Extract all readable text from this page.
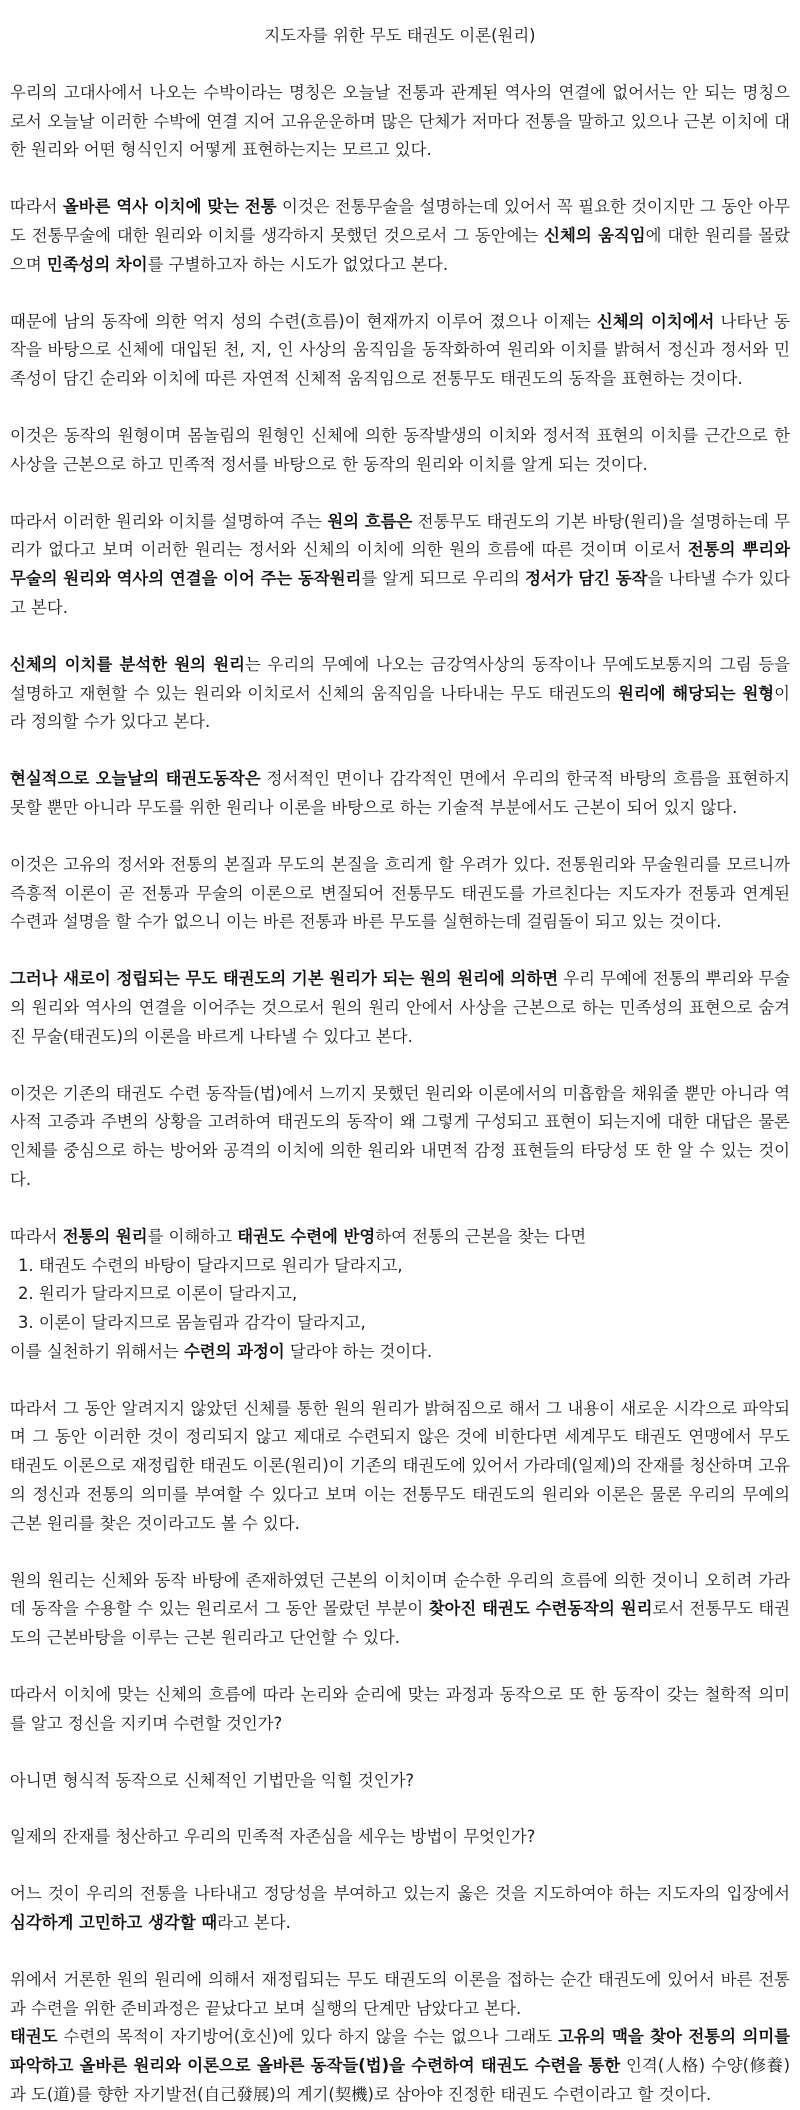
지도자를 위한 무도 태권도 이론(원리)

우리의 고대사에서 나오는 수박이라는 명칭은 오늘날 전통과 관계된 역사의 연결에 없어서는 안 되는 명칭으로서 오늘날 이러한 수박에 연결 지어 고유운운하며 많은 단체가 저마다 전통을 말하고 있으나 근본 이치에 대한 원리와 어떤 형식인지 어떻게 표현하는지는 모르고 있다.

따라서 올바른 역사 이치에 맞는 전통 이것은 전통무술을 설명하는데 있어서 꼭 필요한 것이지만 그 동안 아무도 전통무술에 대한 원리와 이치를 생각하지 못했던 것으로서 그 동안에는 신체의 움직임에 대한 원리를 몰랐으며 민족성의 차이를 구별하고자 하는 시도가 없었다고 본다.

때문에 남의 동작에 의한 억지 성의 수련(흐름)이 현재까지 이루어 졌으나 이제는 신체의 이치에서 나타난 동작을 바탕으로 신체에 대입된 천, 지, 인 사상의 움직임을 동작화하여 원리와 이치를 밝혀서 정신과 정서와 민족성이 담긴 순리와 이치에 따른 자연적 신체적 움직임으로 전통무도 태권도의 동작을 표현하는 것이다.

이것은 동작의 원형이며 몸놀림의 원형인 신체에 의한 동작발생의 이치와 정서적 표현의 이치를 근간으로 한 사상을 근본으로 하고 민족적 정서를 바탕으로 한 동작의 원리와 이치를 알게 되는 것이다.

따라서 이러한 원리와 이치를 설명하여 주는 원의 흐름은 전통무도 태권도의 기본 바탕(원리)을 설명하는데 무리가 없다고 보며 이러한 원리는 정서와 신체의 이치에 의한 원의 흐름에 따른 것이며 이로서 전통의 뿌리와 무술의 원리와 역사의 연결을 이어 주는 동작원리를 알게 되므로 우리의 정서가 담긴 동작을 나타낼 수가 있다고 본다.

신체의 이치를 분석한 원의 원리는 우리의 무예에 나오는 금강역사상의 동작이나 무예도보통지의 그림 등을 설명하고 재현할 수 있는 원리와 이치로서 신체의 움직임을 나타내는 무도 태권도의 원리에 해당되는 원형이라 정의할 수가 있다고 본다.

현실적으로 오늘날의 태권도동작은 정서적인 면이나 감각적인 면에서 우리의 한국적 바탕의 흐름을 표현하지 못할 뿐만 아니라 무도를 위한 원리나 이론을 바탕으로 하는 기술적 부분에서도 근본이 되어 있지 않다.

이것은 고유의 정서와 전통의 본질과 무도의 본질을 흐리게 할 우려가 있다. 전통원리와 무술원리를 모르니까 즉흥적 이론이 곧 전통과 무술의 이론으로 변질되어 전통무도 태권도를 가르친다는 지도자가 전통과 연계된 수련과 설명을 할 수가 없으니 이는 바른 전통과 바른 무도를 실현하는데 걸림돌이 되고 있는 것이다.

그러나 새로이 정립되는 무도 태권도의 기본 원리가 되는 원의 원리에 의하면 우리 무예에 전통의 뿌리와 무술의 원리와 역사의 연결을 이어주는 것으로서 원의 원리 안에서 사상을 근본으로 하는 민족성의 표현으로 숨겨진 무술(태권도)의 이론을 바르게 나타낼 수 있다고 본다.

이것은 기존의 태권도 수련 동작들(법)에서 느끼지 못했던 원리와 이론에서의 미흡함을 채워줄 뿐만 아니라 역사적 고증과 주변의 상황을 고려하여 태권도의 동작이 왜 그렇게 구성되고 표현이 되는지에 대한 대답은 물론 인체를 중심으로 하는 방어와 공격의 이치에 의한 원리와 내면적 감정 표현들의 타당성 또 한 알 수 있는 것이다.

따라서 전통의 원리를 이해하고 태권도 수련에 반영하여 전통의 근본을 찾는 다면

1. 태권도 수련의 바탕이 달라지므로 원리가 달라지고,

2. 원리가 달라지므로 이론이 달라지고,

3. 이론이 달라지므로 몸놀림과 감각이 달라지고,

이를 실천하기 위해서는 수련의 과정이 달라야 하는 것이다.

따라서 그 동안 알려지지 않았던 신체를 통한 원의 원리가 밝혀짐으로 해서 그 내용이 새로운 시각으로 파악되며 그 동안 이러한 것이 정리되지 않고 제대로 수련되지 않은 것에 비한다면 세계무도 태권도 연맹에서 무도 태권도 이론으로 재정립한 태권도 이론(원리)이 기존의 태권도에 있어서 가라데(일제)의 잔재를 청산하며 고유의 정신과 전통의 의미를 부여할 수 있다고 보며 이는 전통무도 태권도의 원리와 이론은 물론 우리의 무예의 근본 원리를 찾은 것이라고도 볼 수 있다.

원의 원리는 신체와 동작 바탕에 존재하였던 근본의 이치이며 순수한 우리의 흐름에 의한 것이니 오히려 가라데 동작을 수용할 수 있는 원리로서 그 동안 몰랐던 부분이 찾아진 태권도 수련동작의 원리로서 전통무도 태권도의 근본바탕을 이루는 근본 원리라고 단언할 수 있다.

따라서 이치에 맞는 신체의 흐름에 따라 논리와 순리에 맞는 과정과 동작으로 또 한 동작이 갖는 철학적 의미를 알고 정신을 지키며 수련할 것인가?

아니면 형식적 동작으로 신체적인 기법만을 익힐 것인가?

일제의 잔재를 청산하고 우리의 민족적 자존심을 세우는 방법이 무엇인가?

어느 것이 우리의 전통을 나타내고 정당성을 부여하고 있는지 옳은 것을 지도하여야 하는 지도자의 입장에서 심각하게 고민하고 생각할 때라고 본다.

위에서 거론한 원의 원리에 의해서 재정립되는 무도 태권도의 이론을 접하는 순간 태권도에 있어서 바른 전통과 수련을 위한 준비과정은 끝났다고 보며 실행의 단계만 남았다고 본다.

태권도 수련의 목적이 자기방어(호신)에 있다 하지 않을 수는 없으나 그래도 고유의 맥을 찾아 전통의 의미를 파악하고 올바른 원리와 이론으로 올바른 동작들(법)을 수련하여 태권도 수련을 통한 인격(人格) 수양(修養)과 도(道)를 향한 자기발전(自己發展)의 계기(契機)로 삼아야 진정한 태권도 수련이라고 할 것이다.
